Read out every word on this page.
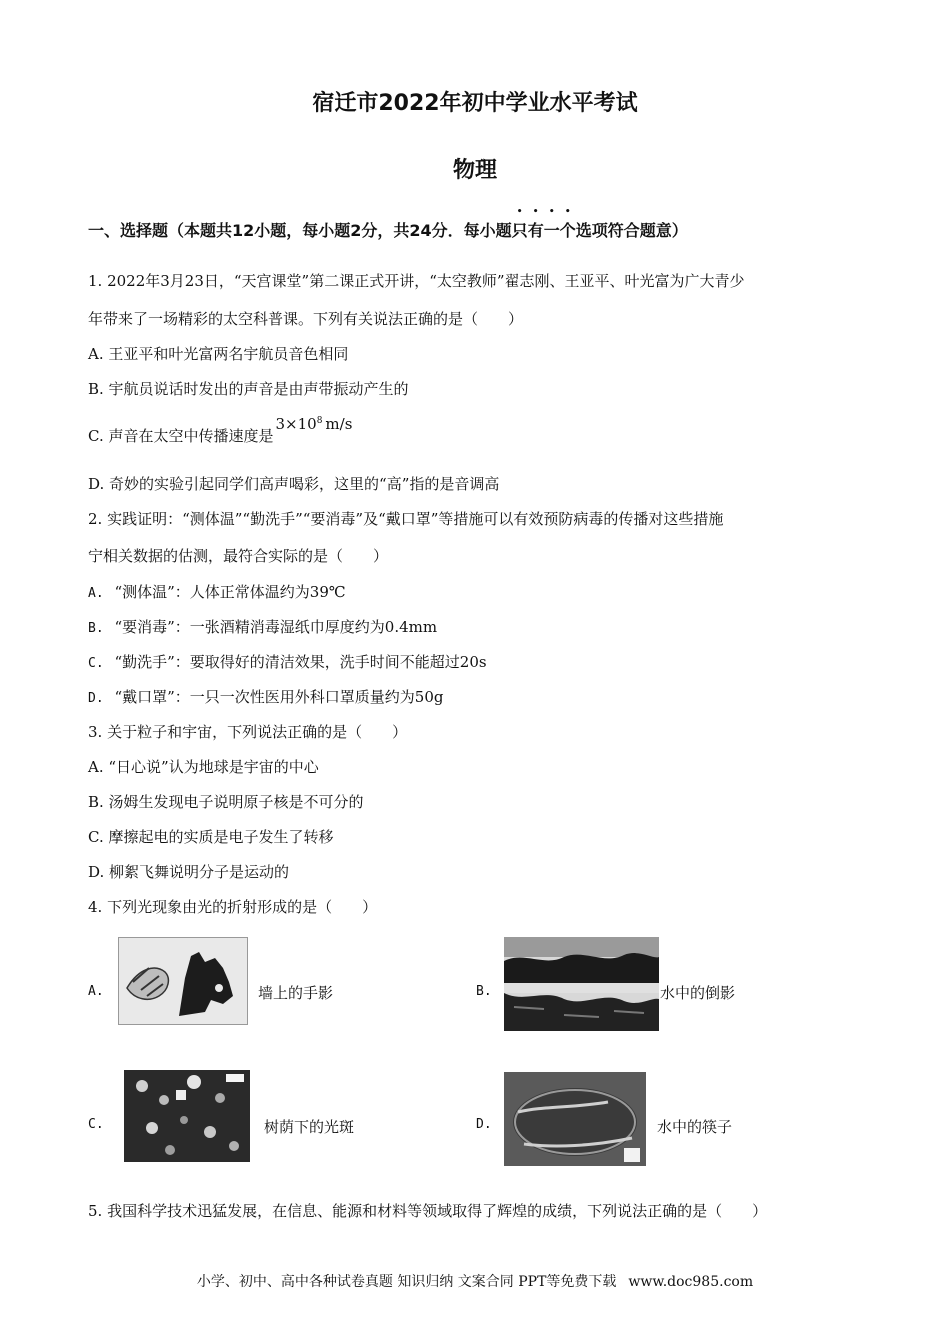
宿迁市2022年初中学业水平考试
物理
一、选择题（本题共12小题，每小题2分，共24分．每小题只有一个选项符合题意）
1. 2022年3月23日，“天宫课堂”第二课正式开讲，“太空教师”翟志刚、王亚平、叶光富为广大青少
年带来了一场精彩的太空科普课。下列有关说法正确的是（　　）
A. 王亚平和叶光富两名宇航员音色相同
B. 宇航员说话时发出的声音是由声带振动产生的
C. 声音在太空中传播速度是$3\times 10^8$ m/s
D. 奇妙的实验引起同学们高声喝彩，这里的“高”指的是音调高
2. 实践证明：“测体温”“勤洗手”“要消毒”及“戴口罩”等措施可以有效预防病毒的传播对这些措施
宁相关数据的估测，最符合实际的是（　　）
A. “测体温”：人体正常体温约为39℃
B. “要消毒”：一张酒精消毒湿纸巾厚度约为0.4mm
C. “勤洗手”：要取得好的清洁效果，洗手时间不能超过20s
D. “戴口罩”：一只一次性医用外科口罩质量约为50g
3. 关于粒子和宇宙，下列说法正确的是（　　）
A. “日心说”认为地球是宇宙的中心
B. 汤姆生发现电子说明原子核是不可分的
C. 摩擦起电的实质是电子发生了转移
D. 柳絮飞舞说明分子是运动的
4. 下列光现象由光的折射形成的是（　　）
A.	墙上的手影	B.	水中的倒影
C.	树荫下的光斑	D.	水中的筷子
5. 我国科学技术迅猛发展，在信息、能源和材料等领域取得了辉煌的成绩，下列说法正确的是（　　）
小学、初中、高中各种试卷真题 知识归纳 文案合同 PPT等免费下载 www.doc985.com
